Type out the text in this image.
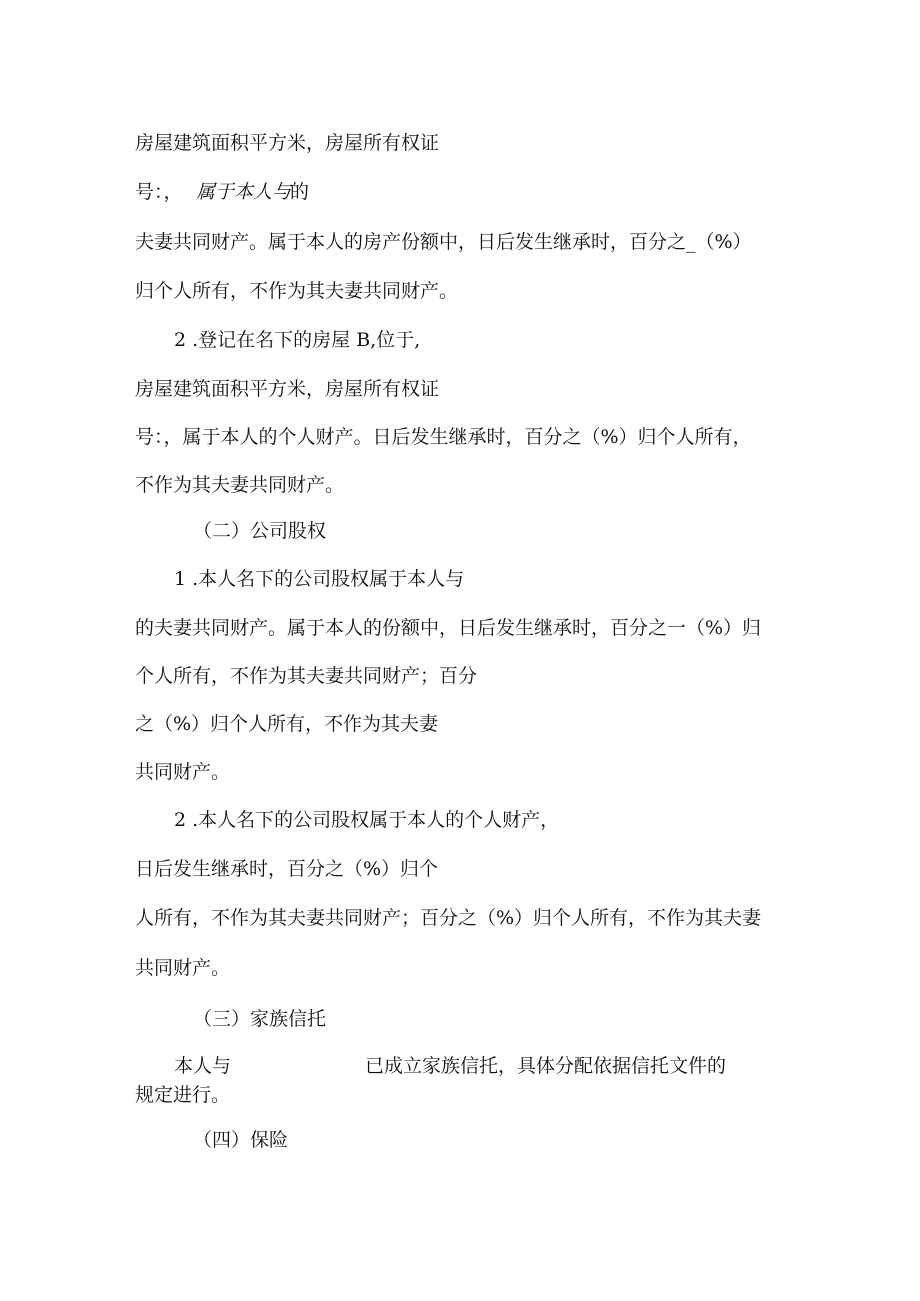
房屋建筑面积平方米，房屋所有权证
号：， 属于本人与
的
夫妻共同财产。属于本人的房产份额中，日后发生继承时，百分之_（%）
归个人所有，不作为其夫妻共同财产。
2 .登记在名下的房屋 B,位于,
房屋建筑面积平方米，房屋所有权证
号：，属于本人的个人财产。日后发生继承时，百分之（%）归个人所有，
不作为其夫妻共同财产。
（二）公司股权
1 .本人名下的公司股权属于本人与
的夫妻共同财产。属于本人的份额中，日后发生继承时，百分之一（%）归
个人所有，不作为其夫妻共同财产；百分
之（%）归个人所有，不作为其夫妻
共同财产。
2 .本人名下的公司股权属于本人的个人财产，
日后发生继承时，百分之（%）归个
人所有，不作为其夫妻共同财产；百分之（%）归个人所有，不作为其夫妻
共同财产。
（三）家族信托
本人与	已成立家族信托，具体分配依据信托文件的
规定进行。
（四）保险
